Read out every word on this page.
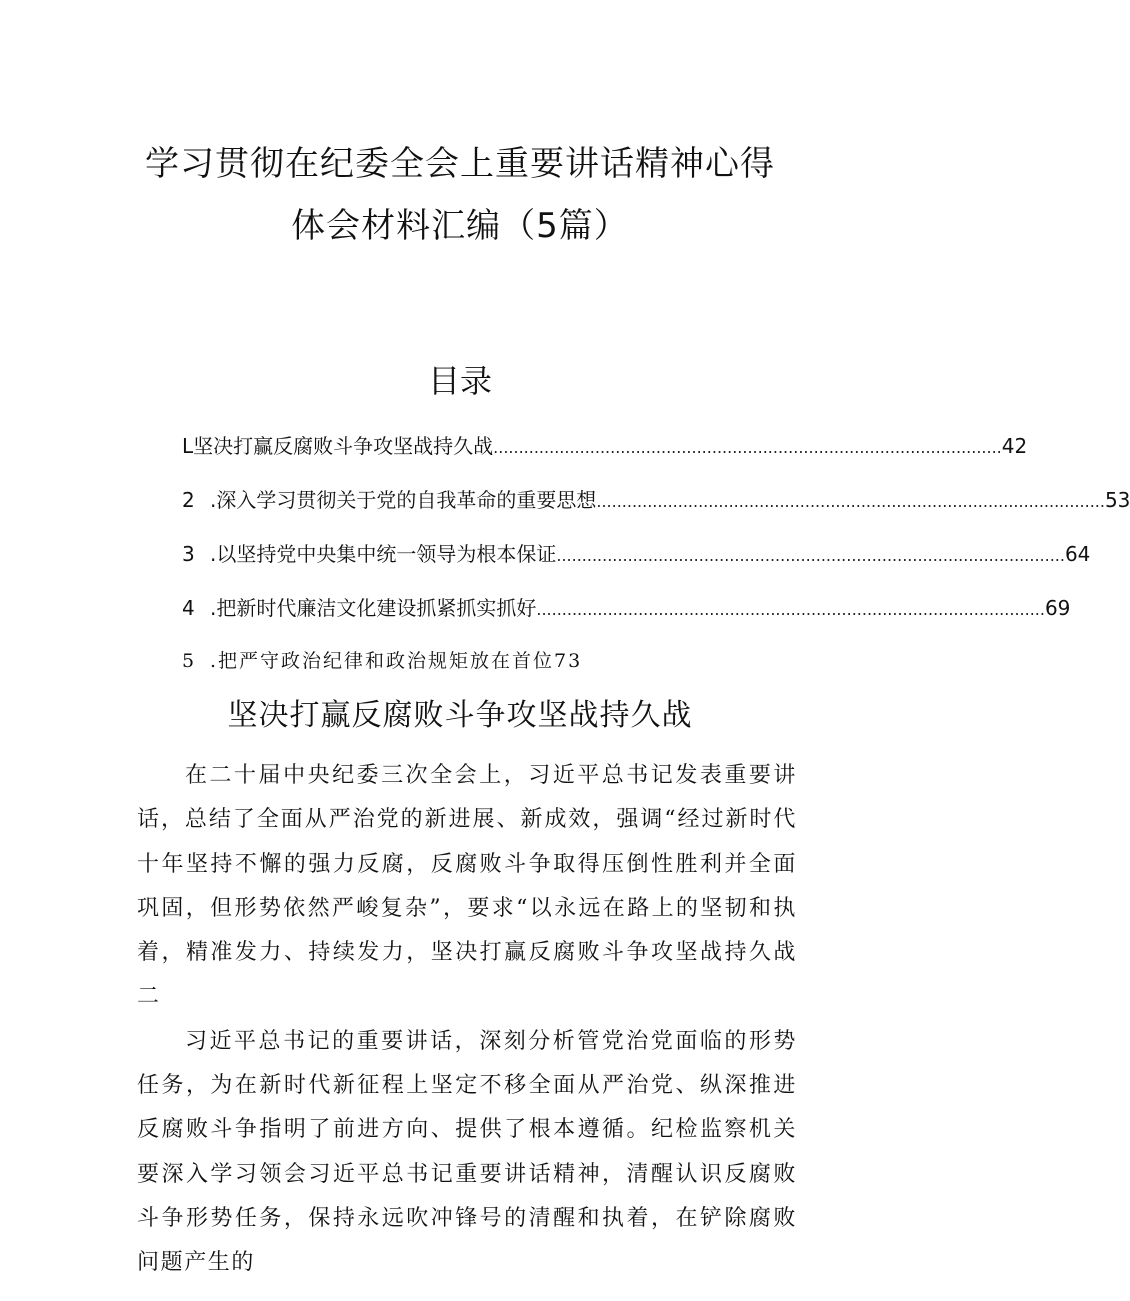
学习贯彻在纪委全会上重要讲话精神心得
体会材料汇编（5篇）
目录
L 坚决打赢反腐败斗争攻坚战持久战 .................................................................................................... 42
2 .深入学习贯彻关于党的自我革命的重要思想 .................................................................................................... 53
3 .以坚持党中央集中统一领导为根本保证 .................................................................................................... 64
4 .把新时代廉洁文化建设抓紧抓实抓好 .................................................................................................... 69
5 .把严守政治纪律和政治规矩放在首位 73
坚决打赢反腐败斗争攻坚战持久战

在二十届中央纪委三次全会上，习近平总书记发表重要讲话，总结了全面从严治党的新进展、新成效，强调“经过新时代十年坚持不懈的强力反腐，反腐败斗争取得压倒性胜利并全面巩固，但形势依然严峻复杂”，要求“以永远在路上的坚韧和执着，精准发力、持续发力，坚决打赢反腐败斗争攻坚战持久战二

习近平总书记的重要讲话，深刻分析管党治党面临的形势任务，为在新时代新征程上坚定不移全面从严治党、纵深推进反腐败斗争指明了前进方向、提供了根本遵循。纪检监察机关要深入学习领会习近平总书记重要讲话精神，清醒认识反腐败斗争形势任务，保持永远吹冲锋号的清醒和执着，在铲除腐败问题产生的
